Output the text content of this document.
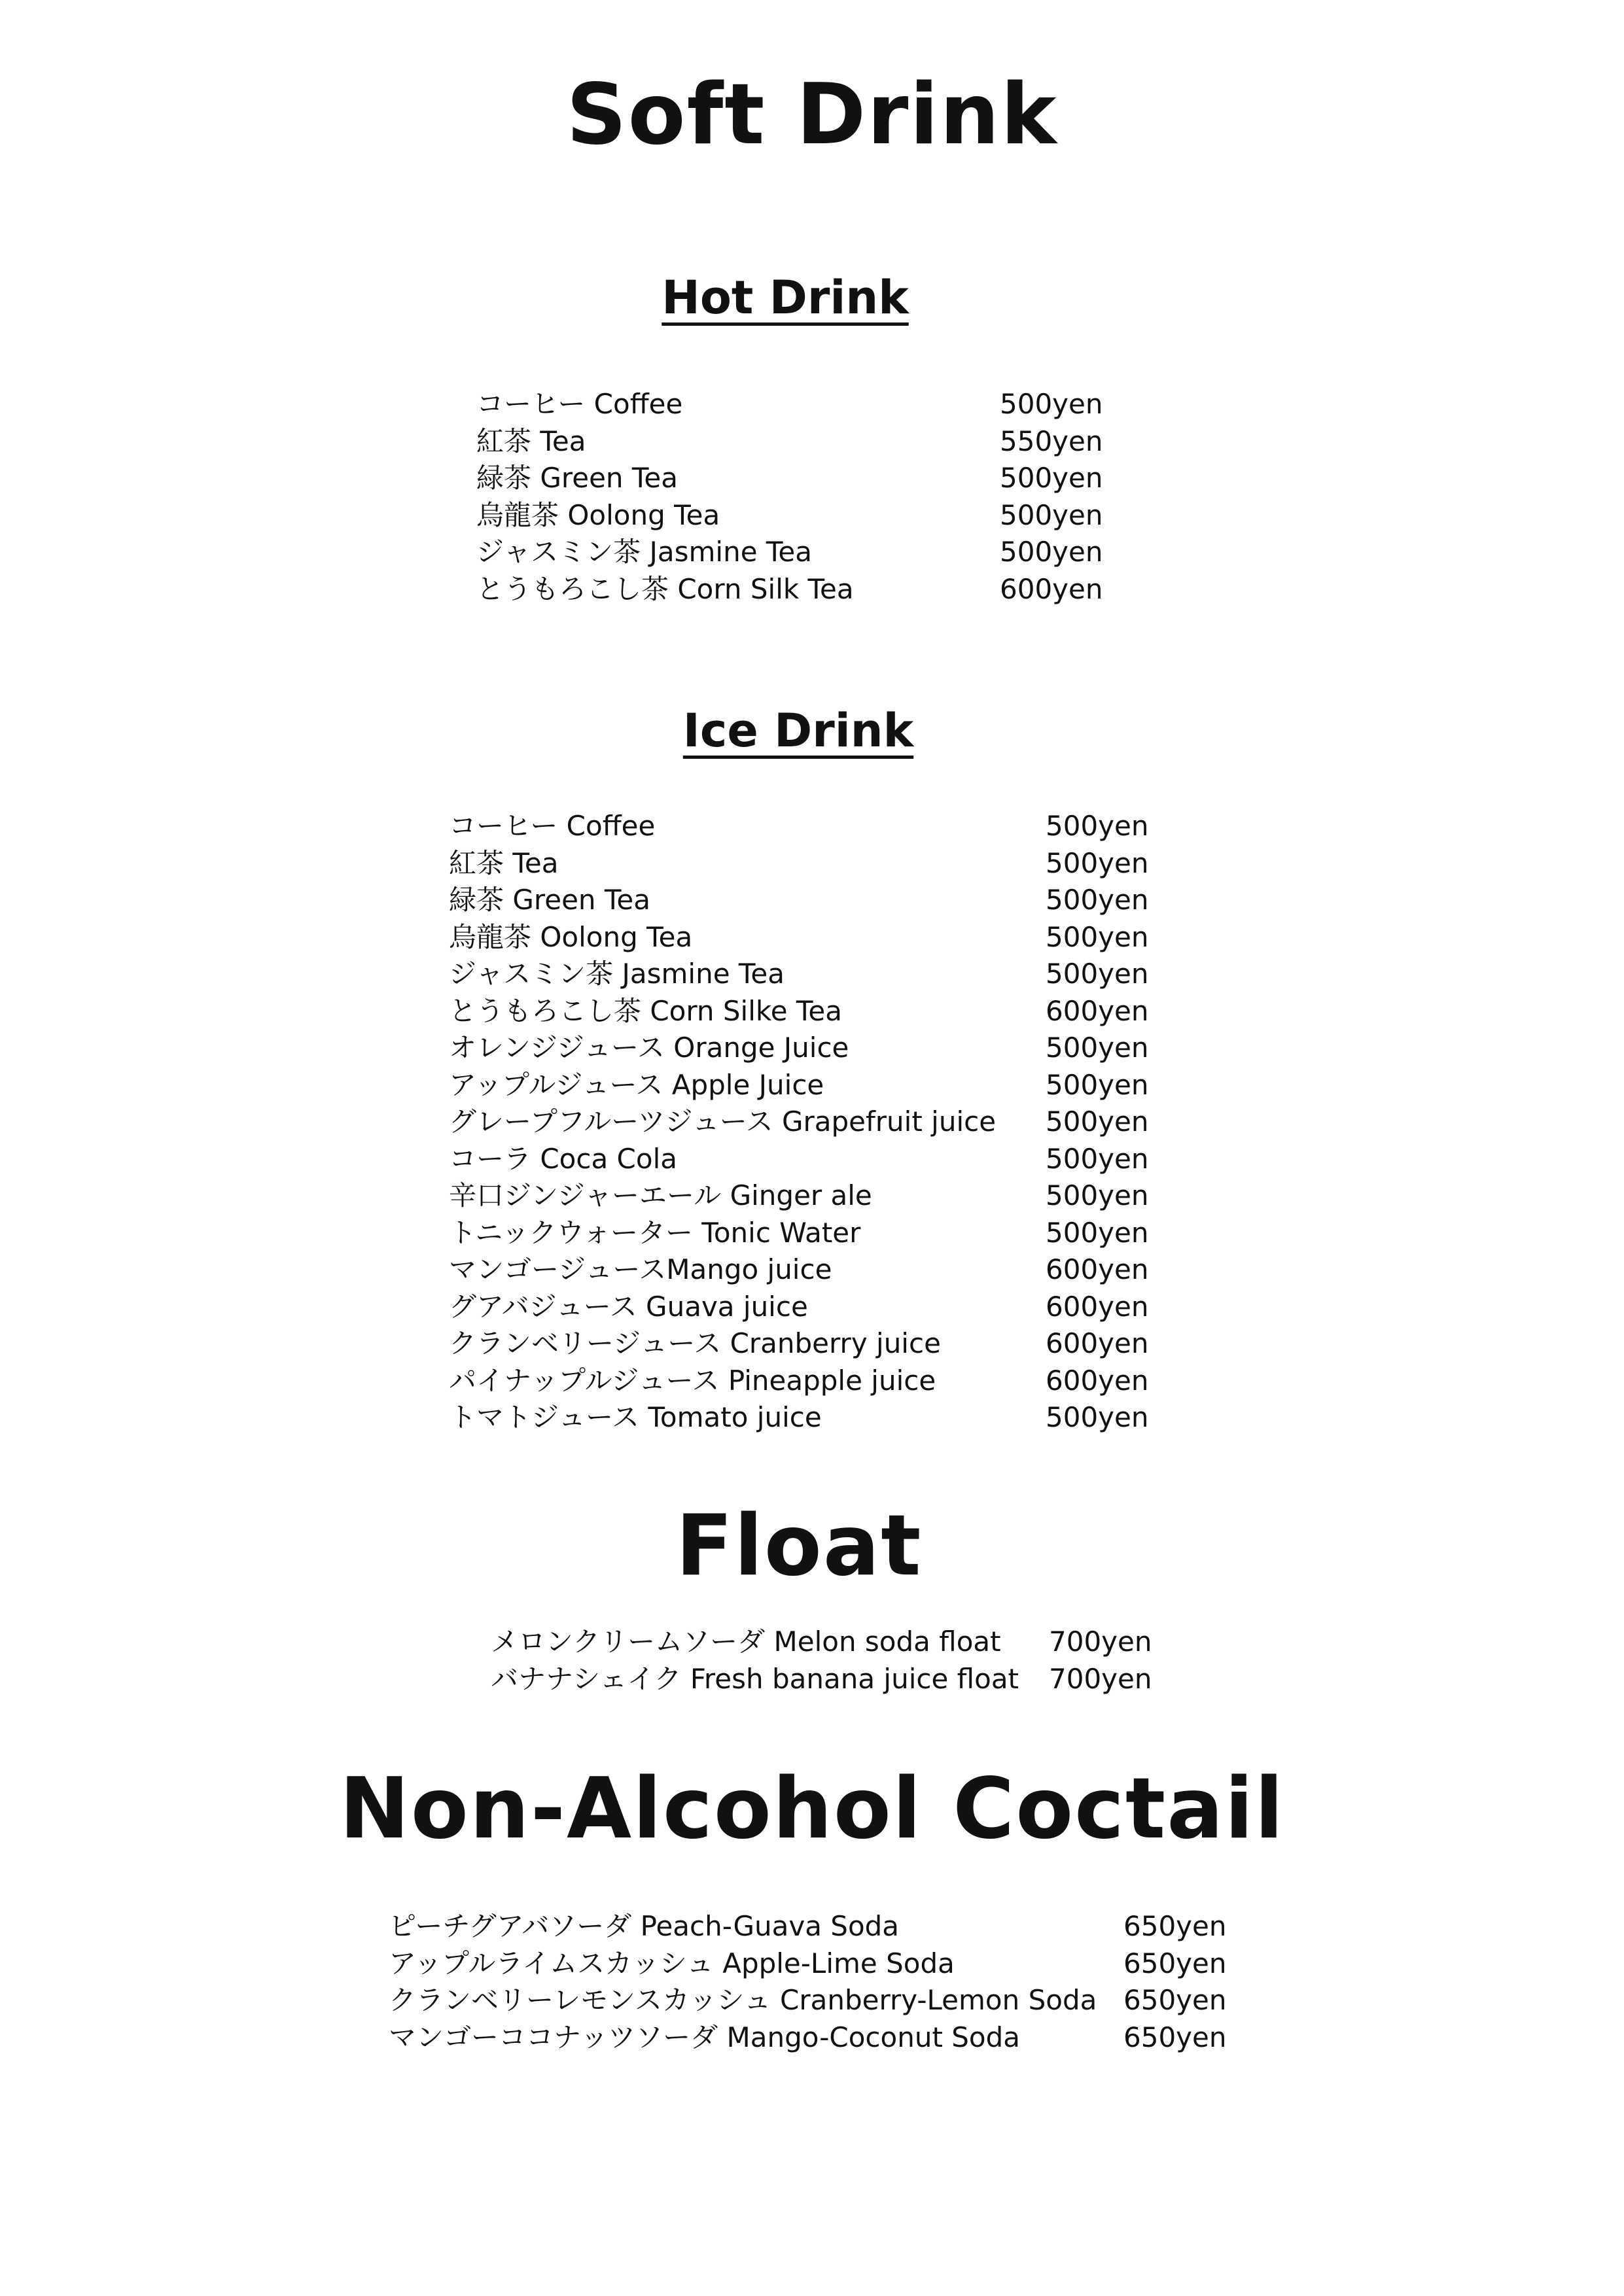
Soft Drink
Hot Drink
コーヒー Coffee	500yen
紅茶 Tea	550yen
緑茶 Green Tea	500yen
烏龍茶 Oolong Tea	500yen
ジャスミン茶 Jasmine Tea	500yen
とうもろこし茶 Corn Silk Tea	600yen
Ice Drink
コーヒー Coffee	500yen
紅茶 Tea	500yen
緑茶 Green Tea	500yen
烏龍茶 Oolong Tea	500yen
ジャスミン茶 Jasmine Tea	500yen
とうもろこし茶 Corn Silke Tea	600yen
オレンジジュース Orange Juice	500yen
アップルジュース Apple Juice	500yen
グレープフルーツジュース Grapefruit juice 500yen
コーラ Coca Cola	500yen
辛口ジンジャーエール Ginger ale	500yen
トニックウォーター Tonic Water	500yen
マンゴージュースMango juice	600yen
グアバジュース Guava juice	600yen
クランベリージュース Cranberry juice	600yen
パイナップルジュース Pineapple juice	600yen
トマトジュース Tomato juice	500yen
Float
メロンクリームソーダ Melon soda float 700yen
バナナシェイク Fresh banana juice float 700yen
Non-Alcohol Coctail
ピーチグアバソーダ Peach-Guava Soda	650yen
アップルライムスカッシュ Apple-Lime Soda	650yen
クランベリーレモンスカッシュ Cranberry-Lemon Soda 650yen
マンゴーココナッツソーダ Mango-Coconut Soda	650yen
